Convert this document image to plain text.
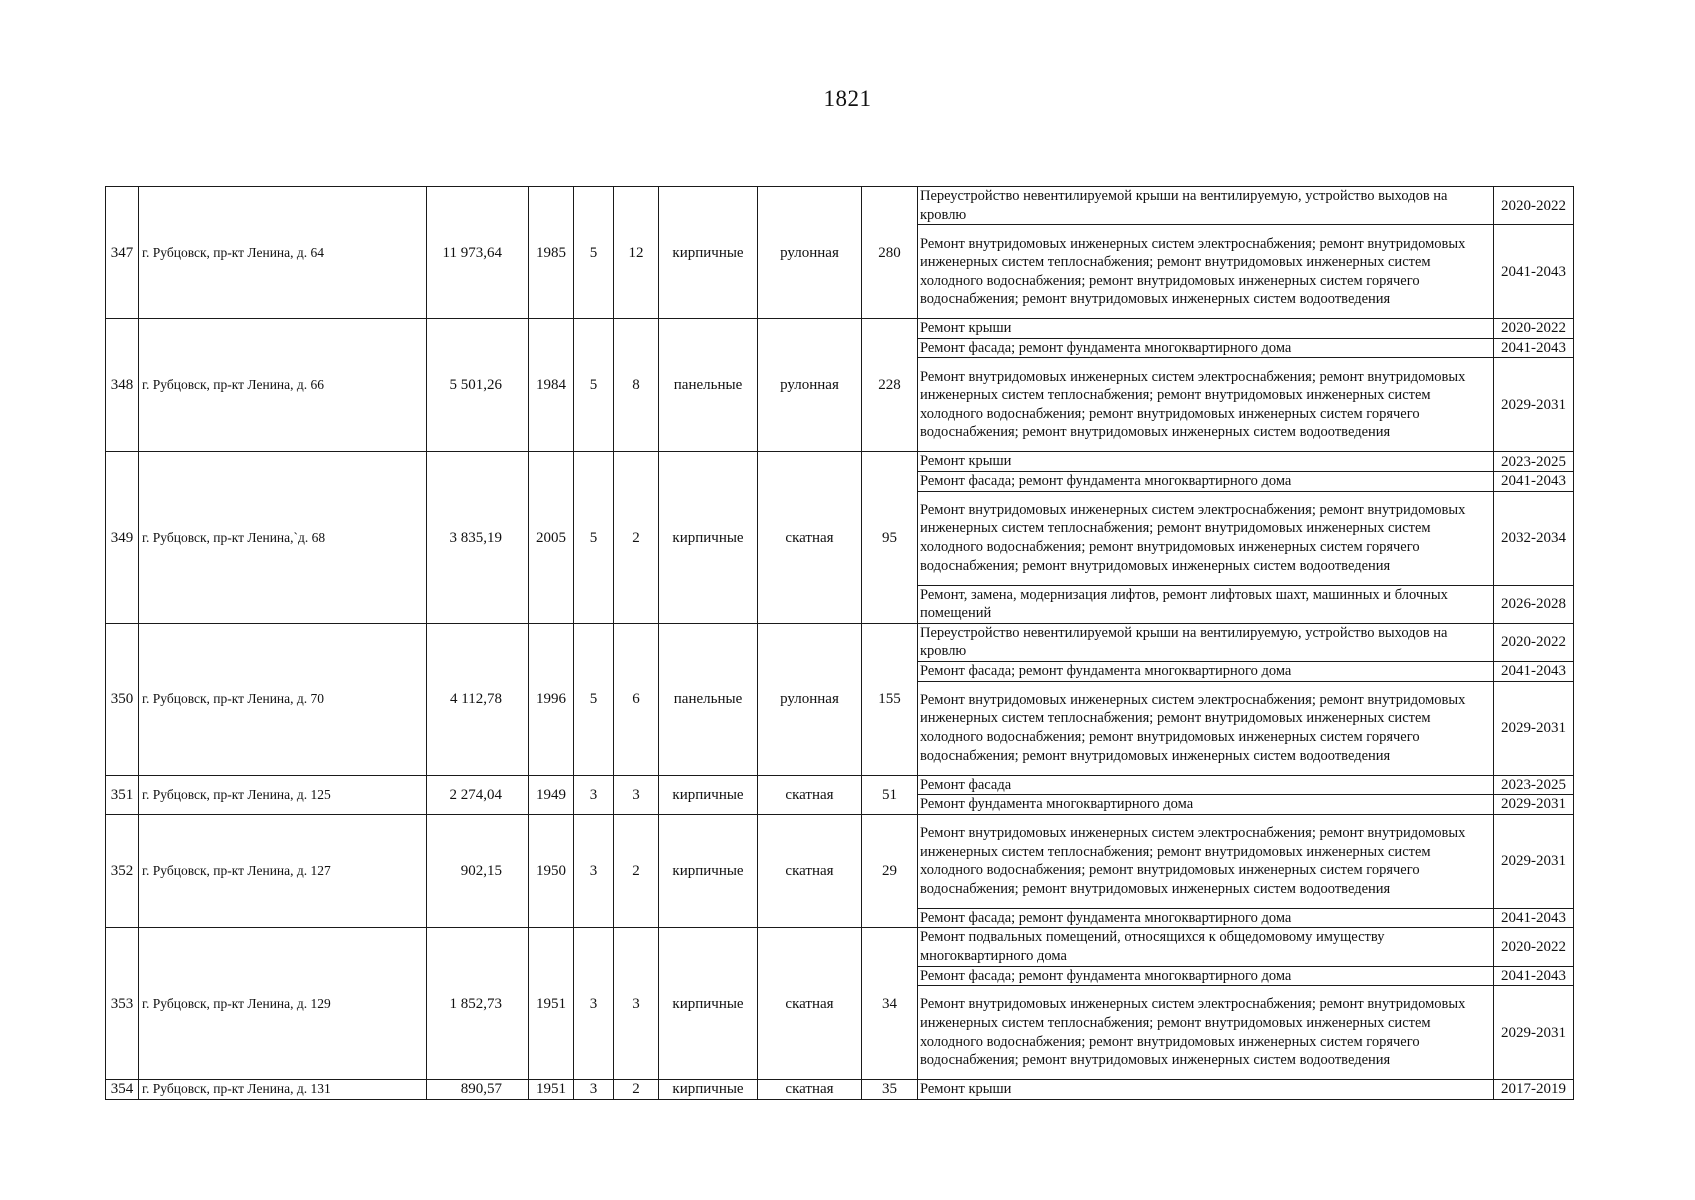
1821
347	г. Рубцовск, пр-кт Ленина, д. 64	11 973,64	1985	5	12	кирпичные	рулонная	280	Переустройство невентилируемой крыши на вентилируемую, устройство выходов на кровлю	2020-2022
									Ремонт внутридомовых инженерных систем электроснабжения; ремонт внутридомовых инженерных систем теплоснабжения; ремонт внутридомовых инженерных систем холодного водоснабжения; ремонт внутридомовых инженерных систем горячего водоснабжения; ремонт внутридомовых инженерных систем водоотведения	2041-2043
348	г. Рубцовск, пр-кт Ленина, д. 66	5 501,26	1984	5	8	панельные	рулонная	228	Ремонт крыши	2020-2022
									Ремонт фасада; ремонт фундамента многоквартирного дома	2041-2043
									Ремонт внутридомовых инженерных систем электроснабжения; ремонт внутридомовых инженерных систем теплоснабжения; ремонт внутридомовых инженерных систем холодного водоснабжения; ремонт внутридомовых инженерных систем горячего водоснабжения; ремонт внутридомовых инженерных систем водоотведения	2029-2031
349	г. Рубцовск, пр-кт Ленина,`д. 68	3 835,19	2005	5	2	кирпичные	скатная	95	Ремонт крыши	2023-2025
									Ремонт фасада; ремонт фундамента многоквартирного дома	2041-2043
									Ремонт внутридомовых инженерных систем электроснабжения; ремонт внутридомовых инженерных систем теплоснабжения; ремонт внутридомовых инженерных систем холодного водоснабжения; ремонт внутридомовых инженерных систем горячего водоснабжения; ремонт внутридомовых инженерных систем водоотведения	2032-2034
									Ремонт, замена, модернизация лифтов, ремонт лифтовых шахт, машинных и блочных помещений	2026-2028
350	г. Рубцовск, пр-кт Ленина, д. 70	4 112,78	1996	5	6	панельные	рулонная	155	Переустройство невентилируемой крыши на вентилируемую, устройство выходов на кровлю	2020-2022
									Ремонт фасада; ремонт фундамента многоквартирного дома	2041-2043
									Ремонт внутридомовых инженерных систем электроснабжения; ремонт внутридомовых инженерных систем теплоснабжения; ремонт внутридомовых инженерных систем холодного водоснабжения; ремонт внутридомовых инженерных систем горячего водоснабжения; ремонт внутридомовых инженерных систем водоотведения	2029-2031
351	г. Рубцовск, пр-кт Ленина, д. 125	2 274,04	1949	3	3	кирпичные	скатная	51	Ремонт фасада	2023-2025
									Ремонт фундамента многоквартирного дома	2029-2031
352	г. Рубцовск, пр-кт Ленина, д. 127	902,15	1950	3	2	кирпичные	скатная	29	Ремонт внутридомовых инженерных систем электроснабжения; ремонт внутридомовых инженерных систем теплоснабжения; ремонт внутридомовых инженерных систем холодного водоснабжения; ремонт внутридомовых инженерных систем горячего водоснабжения; ремонт внутридомовых инженерных систем водоотведения	2029-2031
									Ремонт фасада; ремонт фундамента многоквартирного дома	2041-2043
353	г. Рубцовск, пр-кт Ленина, д. 129	1 852,73	1951	3	3	кирпичные	скатная	34	Ремонт подвальных помещений, относящихся к общедомовому имуществу многоквартирного дома	2020-2022
									Ремонт фасада; ремонт фундамента многоквартирного дома	2041-2043
									Ремонт внутридомовых инженерных систем электроснабжения; ремонт внутридомовых инженерных систем теплоснабжения; ремонт внутридомовых инженерных систем холодного водоснабжения; ремонт внутридомовых инженерных систем горячего водоснабжения; ремонт внутридомовых инженерных систем водоотведения	2029-2031
354	г. Рубцовск, пр-кт Ленина, д. 131	890,57	1951	3	2	кирпичные	скатная	35	Ремонт крыши	2017-2019
